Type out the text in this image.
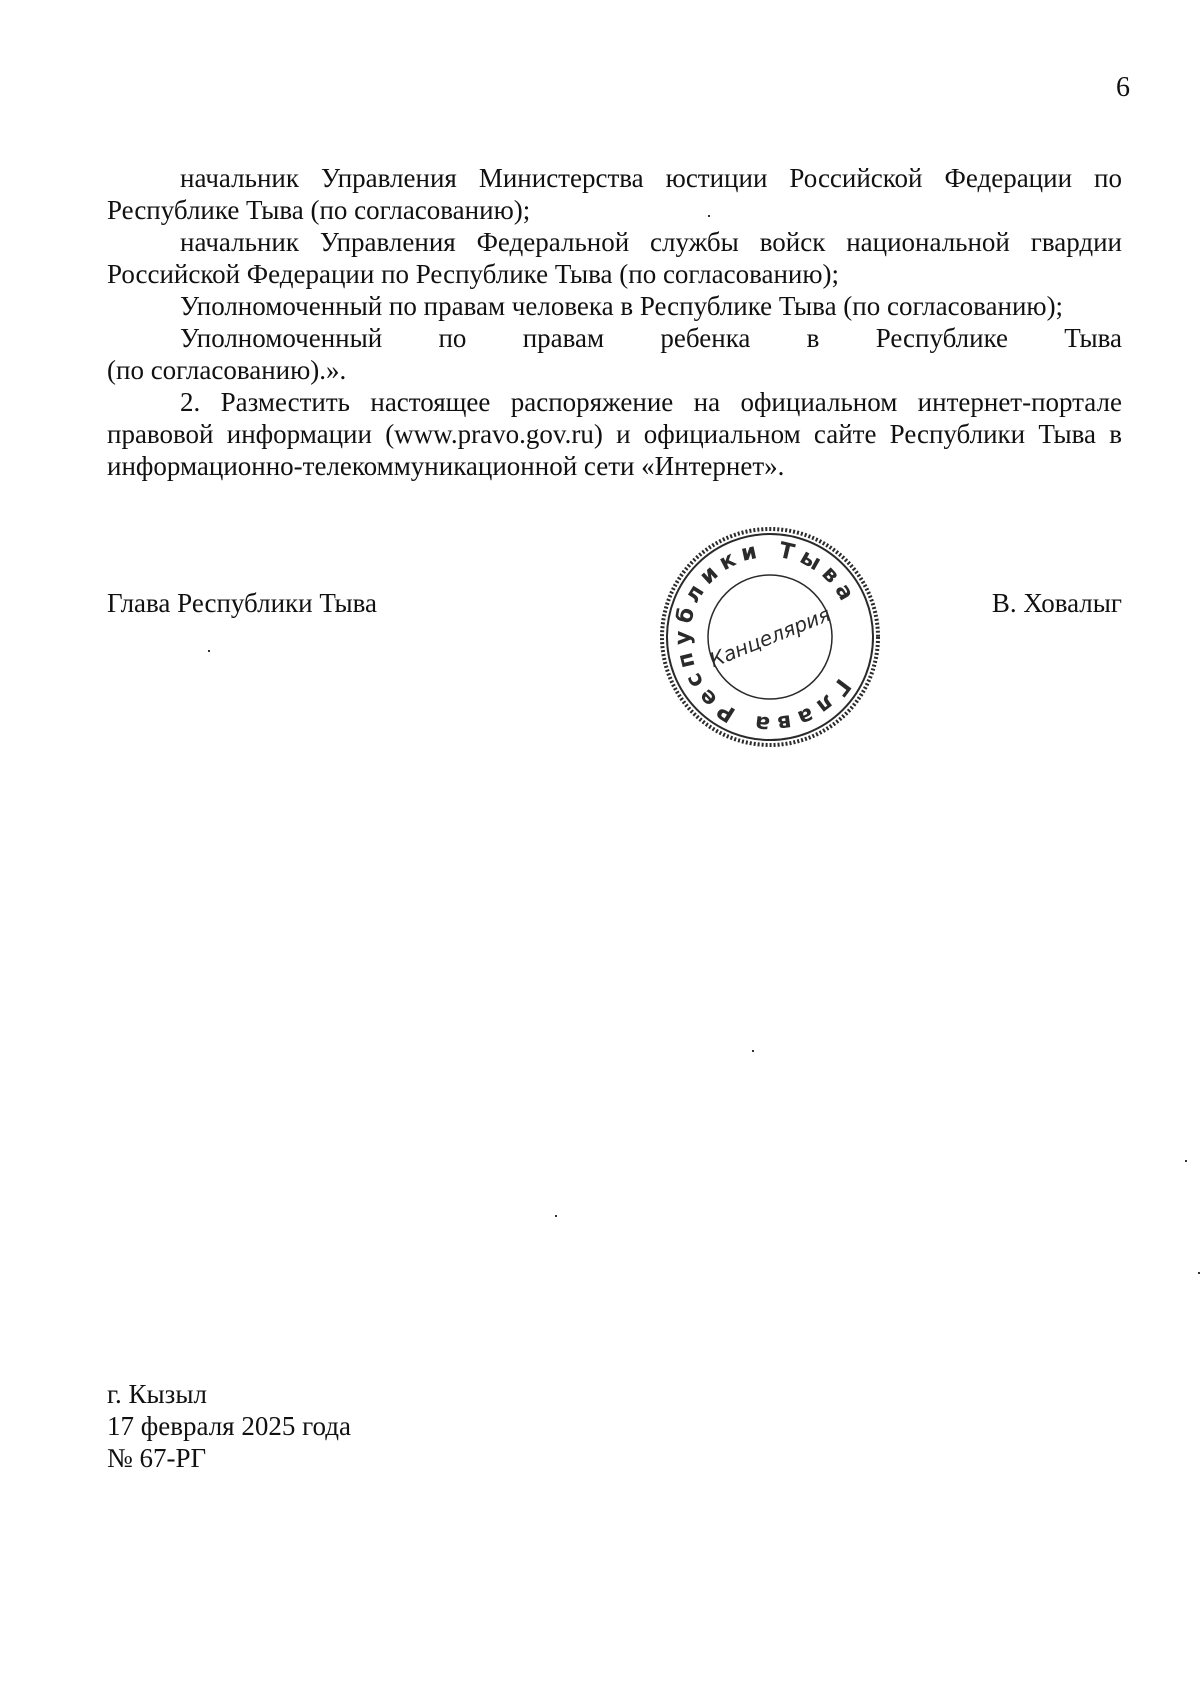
6

начальник Управления Министерства юстиции Российской Федерации по Республике Тыва (по согласованию);

начальник Управления Федеральной службы войск национальной гвардии Российской Федерации по Республике Тыва (по согласованию);

Уполномоченный по правам человека в Республике Тыва (по согласованию);

Уполномоченный по правам ребенка в Республике Тыва

(по согласованию).».

2. Разместить настоящее распоряжение на официальном интернет-портале правовой информации (www.pravo.gov.ru) и официальном сайте Республики Тыва в информационно-телекоммуникационной сети «Интернет».

Глава Республики Тыва	В. Ховалыг
Глава Республики Тыва
Канцелярия
г. Кызыл
17 февраля 2025 года
№ 67-РГ
